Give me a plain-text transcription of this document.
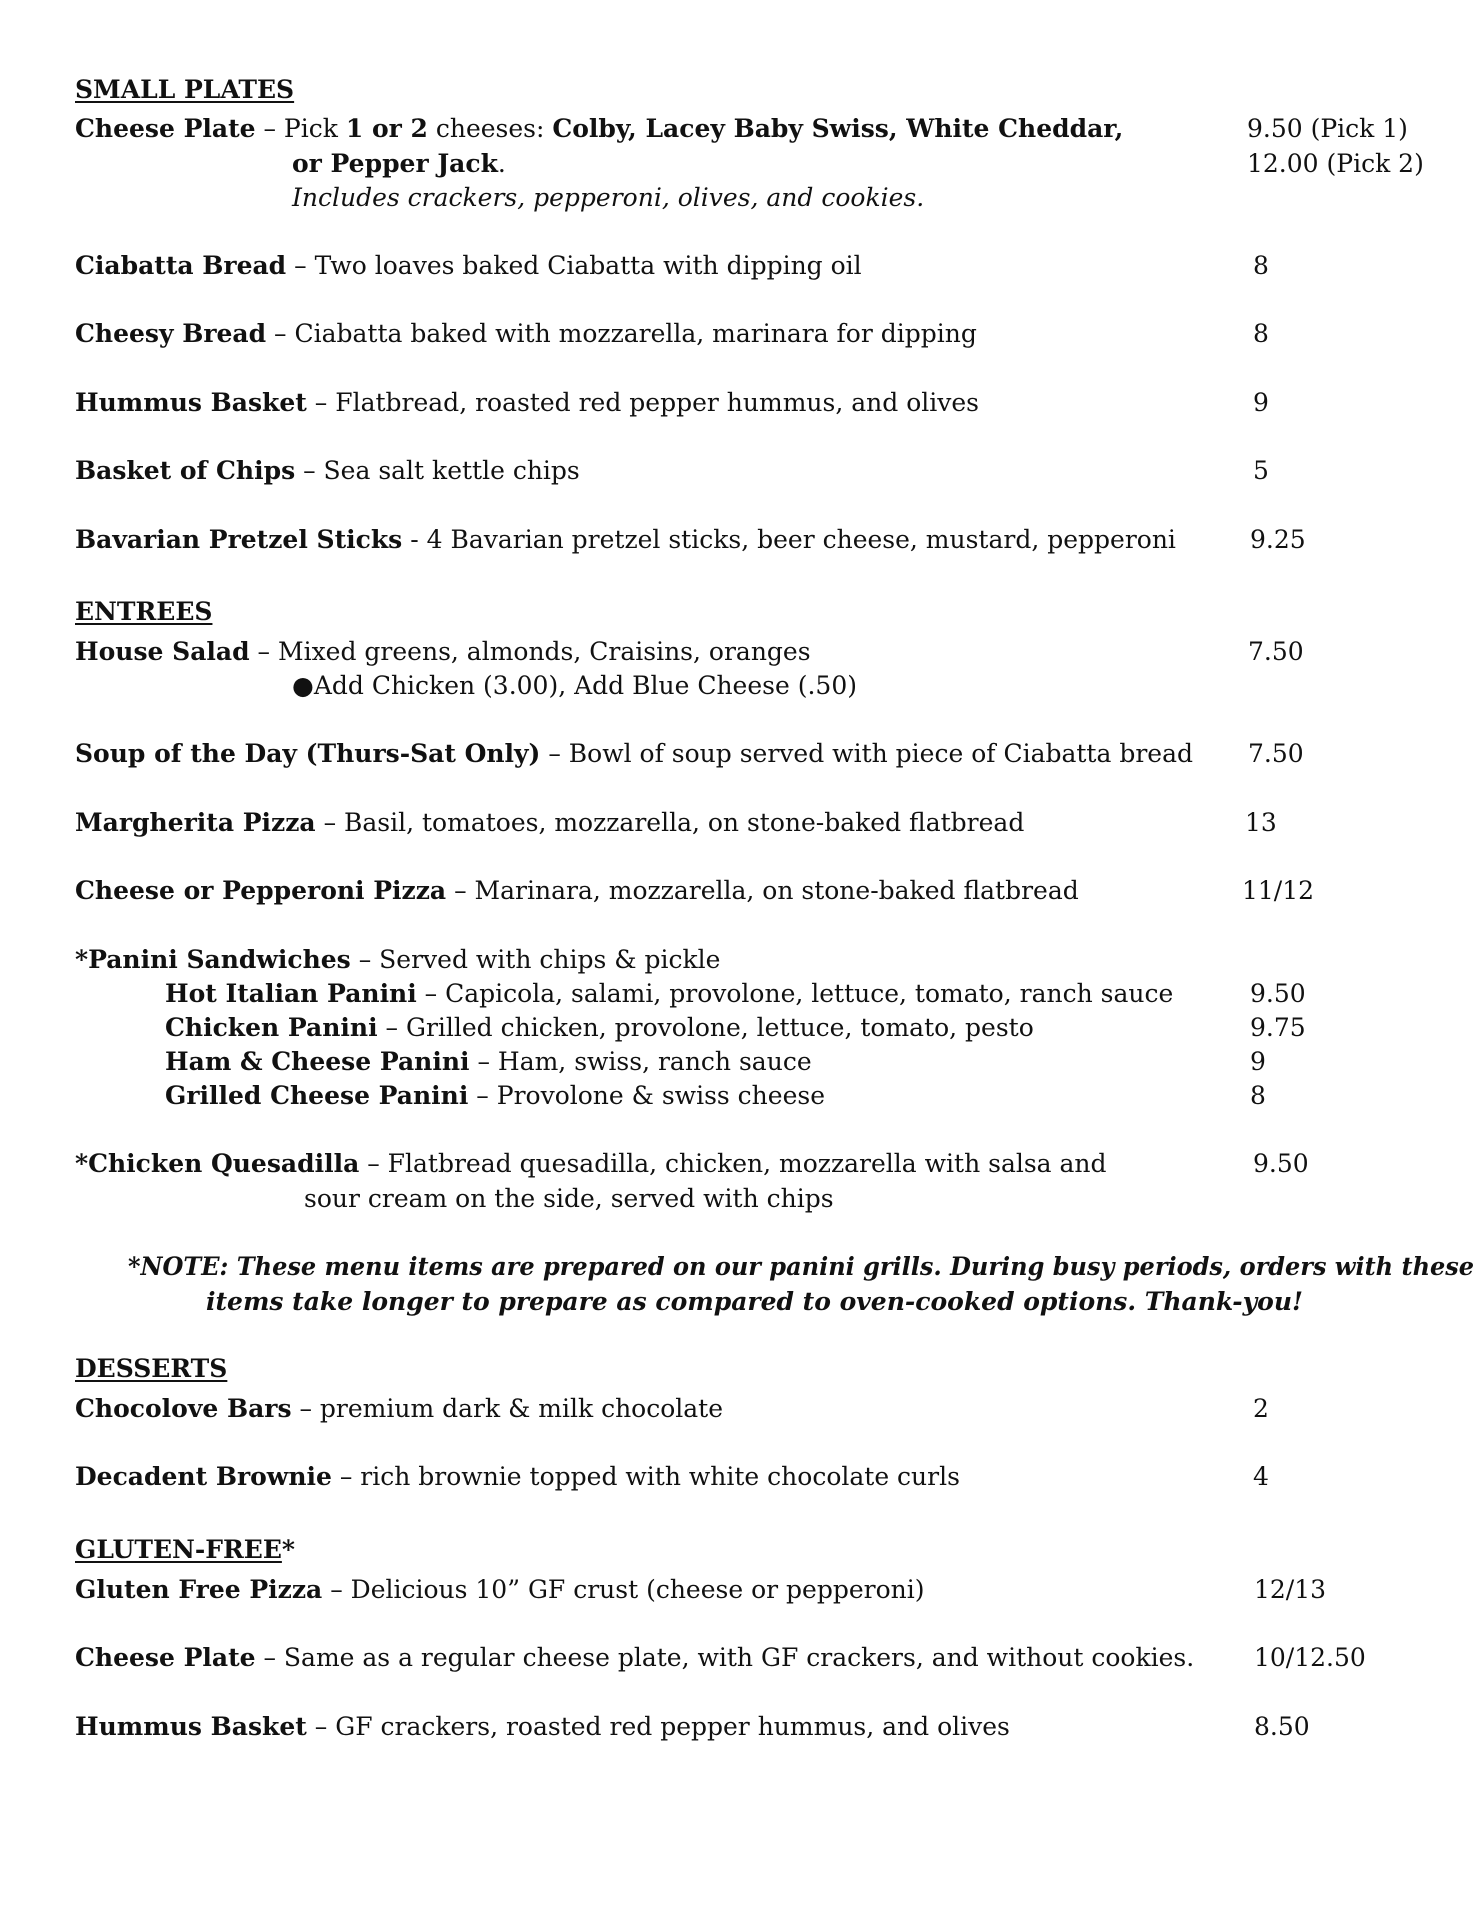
SMALL PLATES
Cheese Plate – Pick 1 or 2 cheeses: Colby, Lacey Baby Swiss, White Cheddar,	9.50 (Pick 1)
or Pepper Jack.	12.00 (Pick 2)
Includes crackers, pepperoni, olives, and cookies.
Ciabatta Bread – Two loaves baked Ciabatta with dipping oil	8
Cheesy Bread – Ciabatta baked with mozzarella, marinara for dipping	8
Hummus Basket – Flatbread, roasted red pepper hummus, and olives	9
Basket of Chips – Sea salt kettle chips	5
Bavarian Pretzel Sticks - 4 Bavarian pretzel sticks, beer cheese, mustard, pepperoni	9.25
ENTREES
House Salad – Mixed greens, almonds, Craisins, oranges	7.50
●Add Chicken (3.00), Add Blue Cheese (.50)
Soup of the Day (Thurs-Sat Only) – Bowl of soup served with piece of Ciabatta bread 7.50
Margherita Pizza – Basil, tomatoes, mozzarella, on stone-baked flatbread	13
Cheese or Pepperoni Pizza – Marinara, mozzarella, on stone-baked flatbread	11/12
*Panini Sandwiches – Served with chips & pickle
Hot Italian Panini – Capicola, salami, provolone, lettuce, tomato, ranch sauce	9.50
Chicken Panini – Grilled chicken, provolone, lettuce, tomato, pesto	9.75
Ham & Cheese Panini – Ham, swiss, ranch sauce	9
Grilled Cheese Panini – Provolone & swiss cheese	8
*Chicken Quesadilla – Flatbread quesadilla, chicken, mozzarella with salsa and	9.50
sour cream on the side, served with chips
*NOTE: These menu items are prepared on our panini grills. During busy periods, orders with these
items take longer to prepare as compared to oven-cooked options. Thank-you!
DESSERTS
Chocolove Bars – premium dark & milk chocolate	2
Decadent Brownie – rich brownie topped with white chocolate curls	4
GLUTEN-FREE*
Gluten Free Pizza – Delicious 10” GF crust (cheese or pepperoni)	12/13
Cheese Plate – Same as a regular cheese plate, with GF crackers, and without cookies. 10/12.50
Hummus Basket – GF crackers, roasted red pepper hummus, and olives	8.50
